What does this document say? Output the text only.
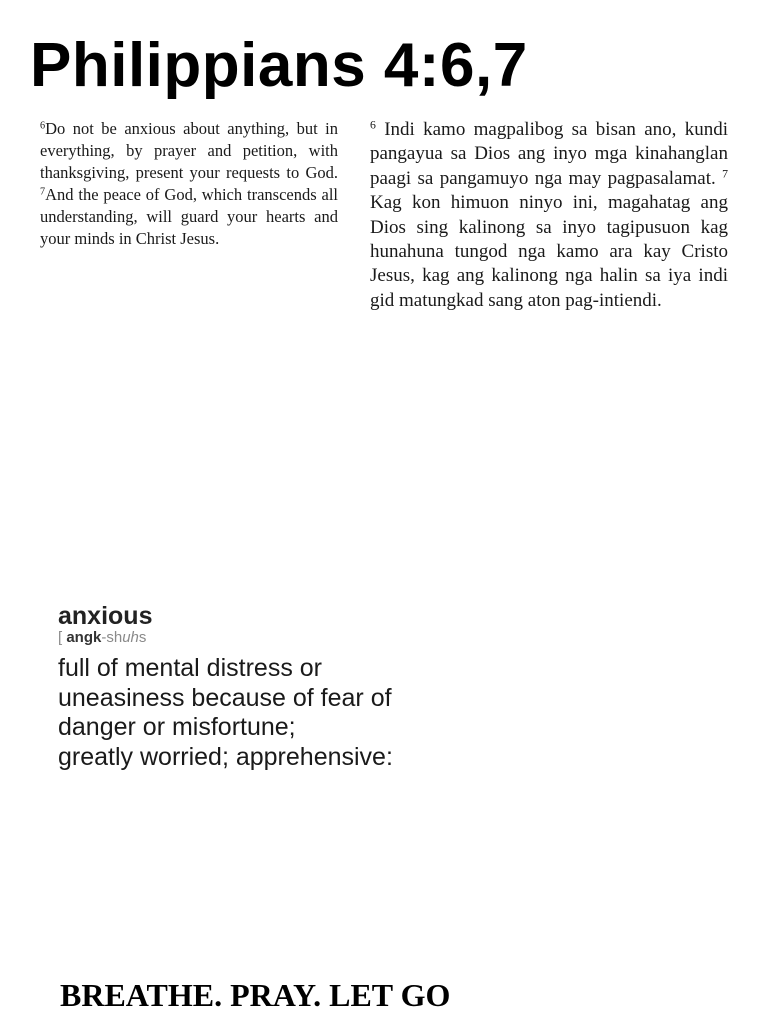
Philippians 4:6,7

$^6$Do not be anxious about anything, but in everything, by prayer and petition, with thanksgiving, present your requests to God. $^7$And the peace of God, which transcends all understanding, will guard your hearts and your minds in Christ Jesus.

$^6$ Indi kamo magpalibog sa bisan ano, kundi pangayua sa Dios ang inyo mga kinahanglan paagi sa pangamuyo nga may pagpasalamat. $^7$ Kag kon himuon ninyo ini, magahatag ang Dios sing kalinong sa inyo tagipusuon kag hunahuna tungod nga kamo ara kay Cristo Jesus, kag ang kalinong nga halin sa iya indi gid matungkad sang aton pag-intiendi.

anxious
[ angk-shuhs
full of mental distress or
uneasiness because of fear of
danger or misfortune;
greatly worried; apprehensive:
BREATHE. PRAY. LET GO
